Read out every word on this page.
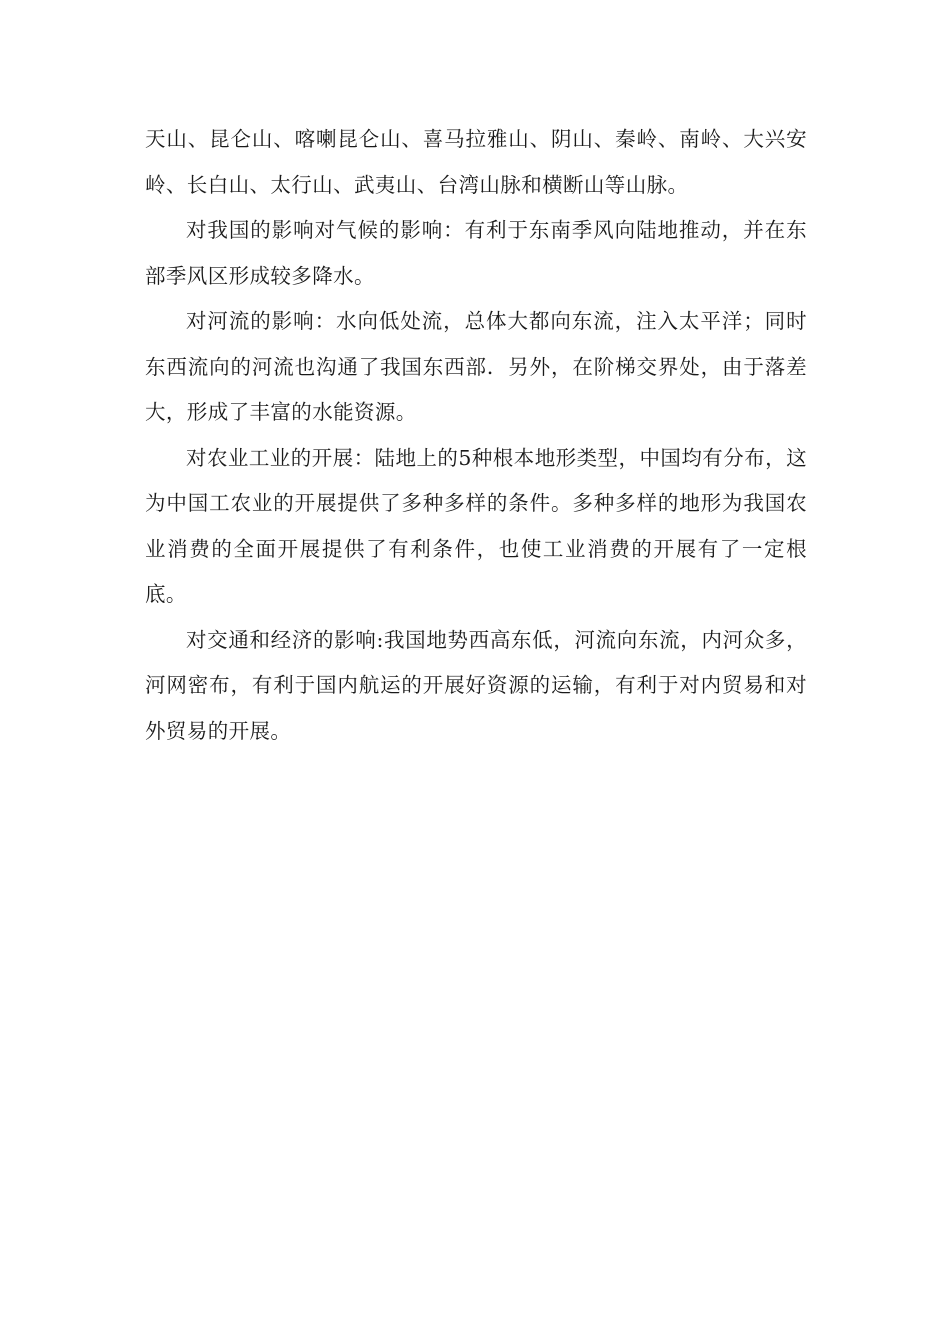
天山、昆仑山、喀喇昆仑山、喜马拉雅山、阴山、秦岭、南岭、大兴安岭、长白山、太行山、武夷山、台湾山脉和横断山等山脉。

对我国的影响对气候的影响：有利于东南季风向陆地推动，并在东部季风区形成较多降水。

对河流的影响：水向低处流，总体大都向东流，注入太平洋；同时东西流向的河流也沟通了我国东西部．另外，在阶梯交界处，由于落差大，形成了丰富的水能资源。

对农业工业的开展：陆地上的5种根本地形类型，中国均有分布，这为中国工农业的开展提供了多种多样的条件。多种多样的地形为我国农业消费的全面开展提供了有利条件，也使工业消费的开展有了一定根底。

对交通和经济的影响:我国地势西高东低，河流向东流，内河众多，河网密布，有利于国内航运的开展好资源的运输，有利于对内贸易和对外贸易的开展。
